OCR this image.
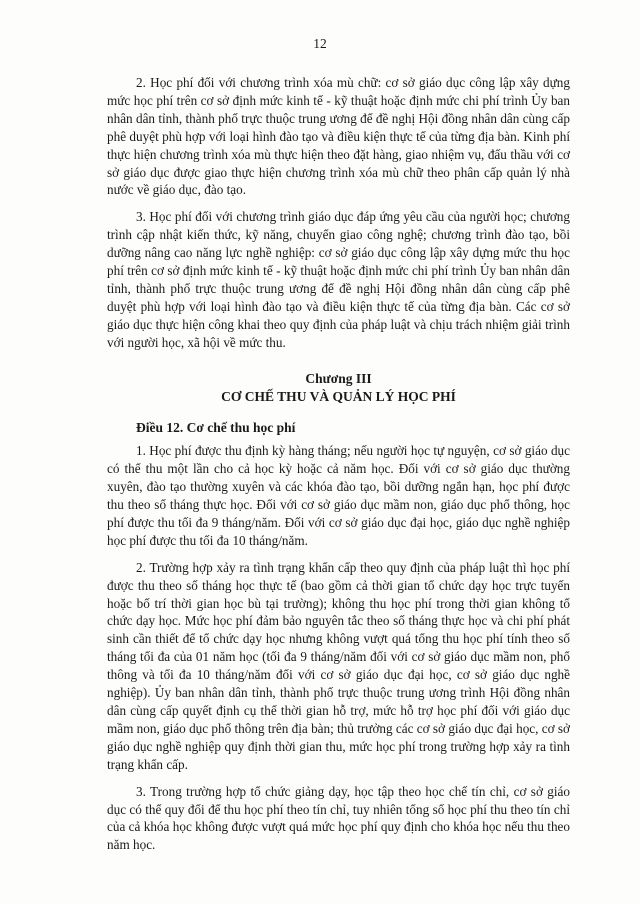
12

2. Học phí đối với chương trình xóa mù chữ: cơ sở giáo dục công lập xây dựng mức học phí trên cơ sở định mức kinh tế - kỹ thuật hoặc định mức chi phí trình Ủy ban nhân dân tỉnh, thành phố trực thuộc trung ương để đề nghị Hội đồng nhân dân cùng cấp phê duyệt phù hợp với loại hình đào tạo và điều kiện thực tế của từng địa bàn. Kinh phí thực hiện chương trình xóa mù thực hiện theo đặt hàng, giao nhiệm vụ, đấu thầu với cơ sở giáo dục được giao thực hiện chương trình xóa mù chữ theo phân cấp quản lý nhà nước về giáo dục, đào tạo.

3. Học phí đối với chương trình giáo dục đáp ứng yêu cầu của người học; chương trình cập nhật kiến thức, kỹ năng, chuyển giao công nghệ; chương trình đào tạo, bồi dưỡng nâng cao năng lực nghề nghiệp: cơ sở giáo dục công lập xây dựng mức thu học phí trên cơ sở định mức kinh tế - kỹ thuật hoặc định mức chi phí trình Ủy ban nhân dân tỉnh, thành phố trực thuộc trung ương để đề nghị Hội đồng nhân dân cùng cấp phê duyệt phù hợp với loại hình đào tạo và điều kiện thực tế của từng địa bàn. Các cơ sở giáo dục thực hiện công khai theo quy định của pháp luật và chịu trách nhiệm giải trình với người học, xã hội về mức thu.

Chương III
CƠ CHẾ THU VÀ QUẢN LÝ HỌC PHÍ
Điều 12. Cơ chế thu học phí

1. Học phí được thu định kỳ hàng tháng; nếu người học tự nguyện, cơ sở giáo dục có thể thu một lần cho cả học kỳ hoặc cả năm học. Đối với cơ sở giáo dục thường xuyên, đào tạo thường xuyên và các khóa đào tạo, bồi dưỡng ngắn hạn, học phí được thu theo số tháng thực học. Đối với cơ sở giáo dục mầm non, giáo dục phổ thông, học phí được thu tối đa 9 tháng/năm. Đối với cơ sở giáo dục đại học, giáo dục nghề nghiệp học phí được thu tối đa 10 tháng/năm.

2. Trường hợp xảy ra tình trạng khẩn cấp theo quy định của pháp luật thì học phí được thu theo số tháng học thực tế (bao gồm cả thời gian tổ chức dạy học trực tuyến hoặc bố trí thời gian học bù tại trường); không thu học phí trong thời gian không tổ chức dạy học. Mức học phí đảm bảo nguyên tắc theo số tháng thực học và chi phí phát sinh cần thiết để tổ chức dạy học nhưng không vượt quá tổng thu học phí tính theo số tháng tối đa của 01 năm học (tối đa 9 tháng/năm đối với cơ sở giáo dục mầm non, phổ thông và tối đa 10 tháng/năm đối với cơ sở giáo dục đại học, cơ sở giáo dục nghề nghiệp). Ủy ban nhân dân tỉnh, thành phố trực thuộc trung ương trình Hội đồng nhân dân cùng cấp quyết định cụ thể thời gian hỗ trợ, mức hỗ trợ học phí đối với giáo dục mầm non, giáo dục phổ thông trên địa bàn; thủ trưởng các cơ sở giáo dục đại học, cơ sở giáo dục nghề nghiệp quy định thời gian thu, mức học phí trong trường hợp xảy ra tình trạng khẩn cấp.

3. Trong trường hợp tổ chức giảng dạy, học tập theo học chế tín chỉ, cơ sở giáo dục có thể quy đổi để thu học phí theo tín chỉ, tuy nhiên tổng số học phí thu theo tín chỉ của cả khóa học không được vượt quá mức học phí quy định cho khóa học nếu thu theo năm học.
